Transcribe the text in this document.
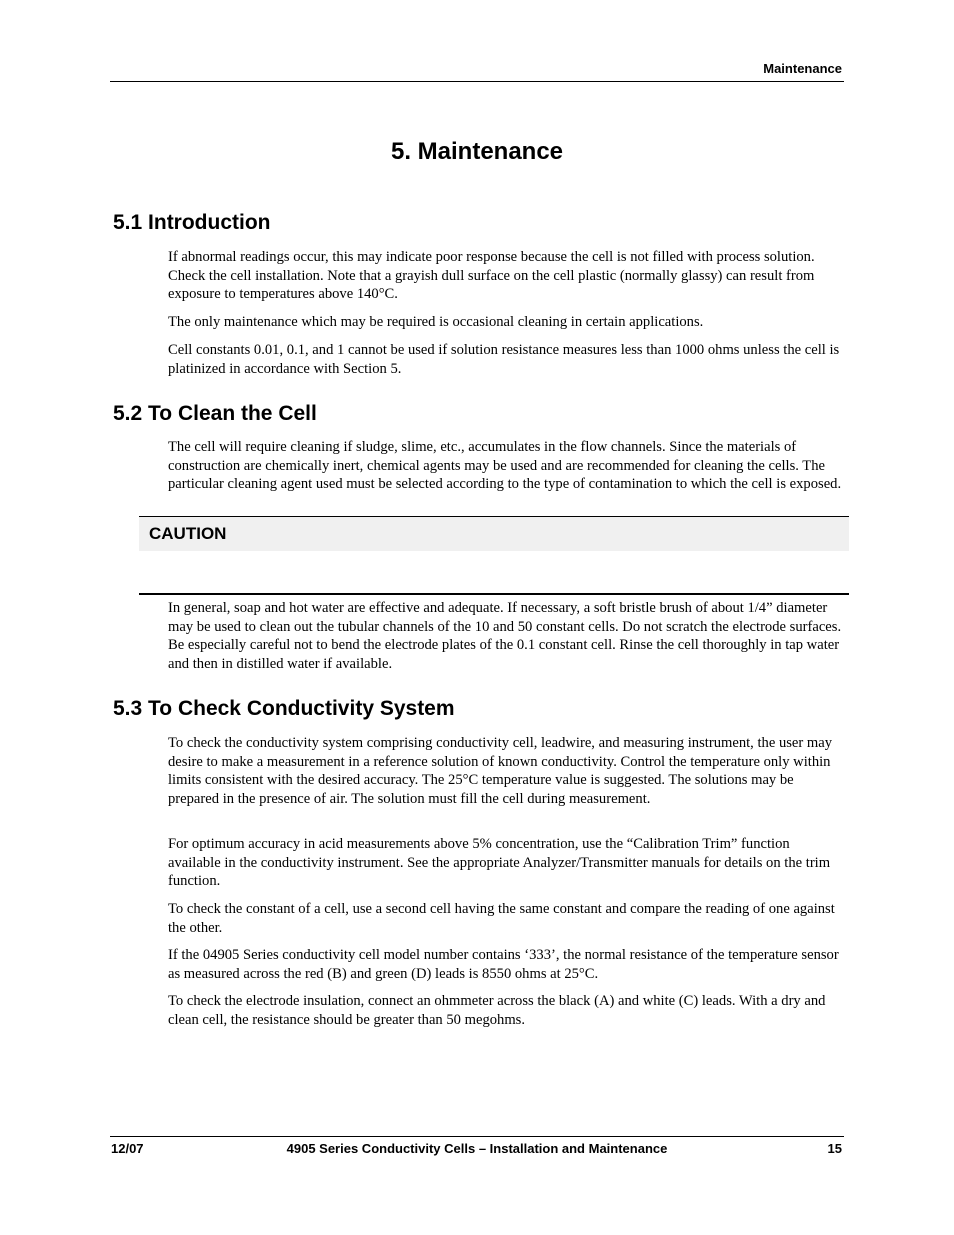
Maintenance
5. Maintenance
5.1 Introduction

If abnormal readings occur, this may indicate poor response because the cell is not filled with process solution. Check the cell installation. Note that a grayish dull surface on the cell plastic (normally glassy) can result from exposure to temperatures above 140°C.

The only maintenance which may be required is occasional cleaning in certain applications.

Cell constants 0.01, 0.1, and 1 cannot be used if solution resistance measures less than 1000 ohms unless the cell is platinized in accordance with Section 5.

5.2 To Clean the Cell

The cell will require cleaning if sludge, slime, etc., accumulates in the flow channels. Since the materials of construction are chemically inert, chemical agents may be used and are recommended for cleaning the cells. The particular cleaning agent used must be selected according to the type of contamination to which the cell is exposed.

CAUTION

In general, soap and hot water are effective and adequate. If necessary, a soft bristle brush of about 1/4” diameter may be used to clean out the tubular channels of the 10 and 50 constant cells. Do not scratch the electrode surfaces. Be especially careful not to bend the electrode plates of the 0.1 constant cell. Rinse the cell thoroughly in tap water and then in distilled water if available.

5.3 To Check Conductivity System

To check the conductivity system comprising conductivity cell, leadwire, and measuring instrument, the user may desire to make a measurement in a reference solution of known conductivity. Control the temperature only within limits consistent with the desired accuracy. The 25°C temperature value is suggested. The solutions may be prepared in the presence of air. The solution must fill the cell during measurement.

For optimum accuracy in acid measurements above 5% concentration, use the “Calibration Trim” function available in the conductivity instrument. See the appropriate Analyzer/Transmitter manuals for details on the trim function.

To check the constant of a cell, use a second cell having the same constant and compare the reading of one against the other.

If the 04905 Series conductivity cell model number contains ‘333’, the normal resistance of the temperature sensor as measured across the red (B) and green (D) leads is 8550 ohms at 25°C.

To check the electrode insulation, connect an ohmmeter across the black (A) and white (C) leads. With a dry and clean cell, the resistance should be greater than 50 megohms.

12/07	4905 Series Conductivity Cells – Installation and Maintenance	15
